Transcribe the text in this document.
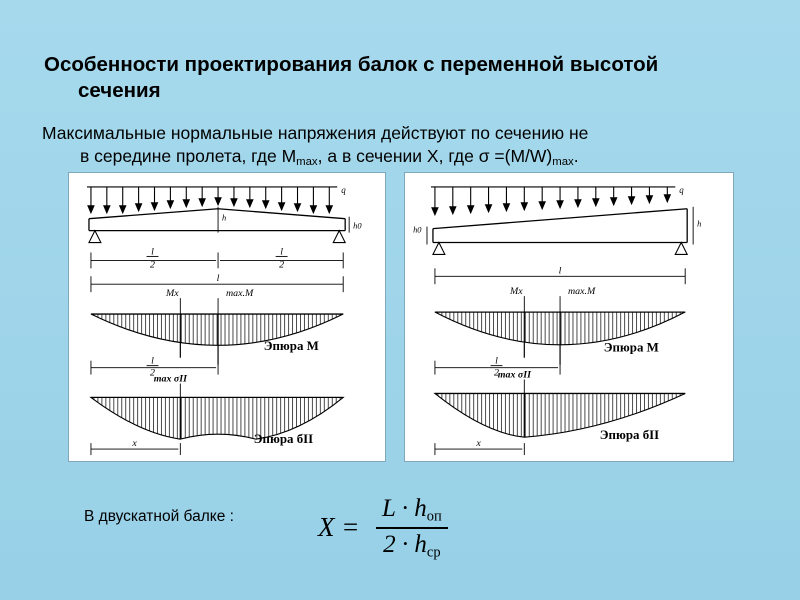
Особенности проектирования балок с переменной высотой
сечения
Максимальные нормальные напряжения действуют по сечению не
в середине пролета, где $М_{max}$, а в сечении Х, где $\sigma =(M/W)_{max}$.
q
h
h0
l
2
l
2
l
Mx	max.M
Эпюра М
l
2
max σII
Эпюра бII
x
q
h0
h
l
Mx	max.M
Эпюра М
l
2
max σII
Эпюра бII
x
В двускатной балке :	X =
$L \cdot h_{оп}$
$2 \cdot h_{ср}$
